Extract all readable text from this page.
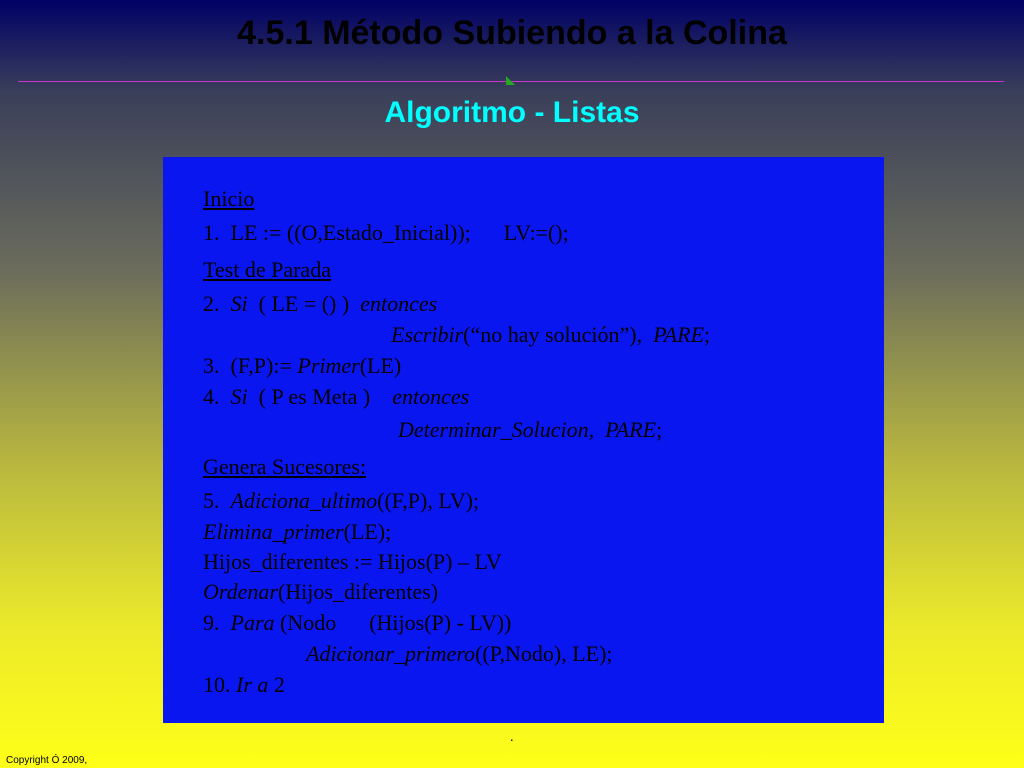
4.5.1 Método Subiendo a la Colina
Algoritmo - Listas
Inicio
1.  LE := ((O,Estado_Inicial));      LV:=();
Test de Parada
2.  Si  ( LE = () )  entonces
Escribir(“no hay solución”),  PARE;
3.  (F,P):= Primer(LE)
4.  Si  ( P es Meta )    entonces
Determinar_Solucion,  PARE;
Genera Sucesores:
5.  Adiciona_ultimo((F,P), LV);
Elimina_primer(LE);
Hijos_diferentes := Hijos(P) – LV
Ordenar(Hijos_diferentes)
9.  Para (Nodo      (Hijos(P) - LV))
Adicionar_primero((P,Nodo), LE);
10. Ir a 2
.
Copyright Ó 2009,
